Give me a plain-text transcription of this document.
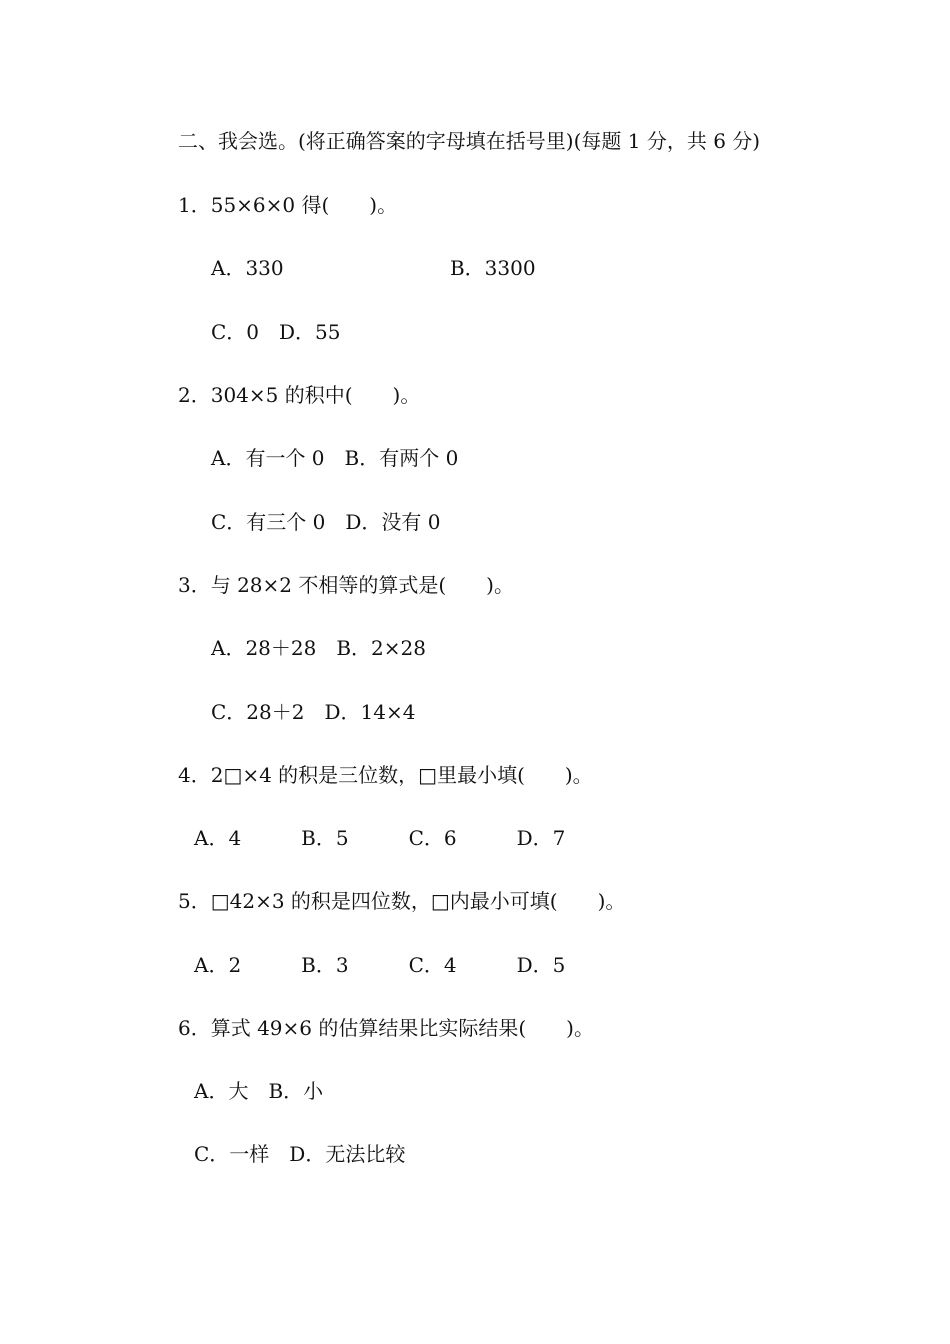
二、我会选。(将正确答案的字母填在括号里)(每题 1 分，共 6 分)
1．55×6×0 得(　　)。
A．330　　　　　　　　 B．3300
C．0　D．55
2．304×5 的积中(　　)。
A．有一个 0　B．有两个 0
C．有三个 0　D．没有 0
3．与 28×2 不相等的算式是(　　)。
A．28＋28　B．2×28
C．28＋2　D．14×4
4．2□×4 的积是三位数，□里最小填(　　)。
A．4　　　B．5　　　C．6　　　D．7
5．□42×3 的积是四位数，□内最小可填(　　)。
A．2　　　B．3　　　C．4　　　D．5
6．算式 49×6 的估算结果比实际结果(　　)。
A．大　B．小
C．一样　D．无法比较
